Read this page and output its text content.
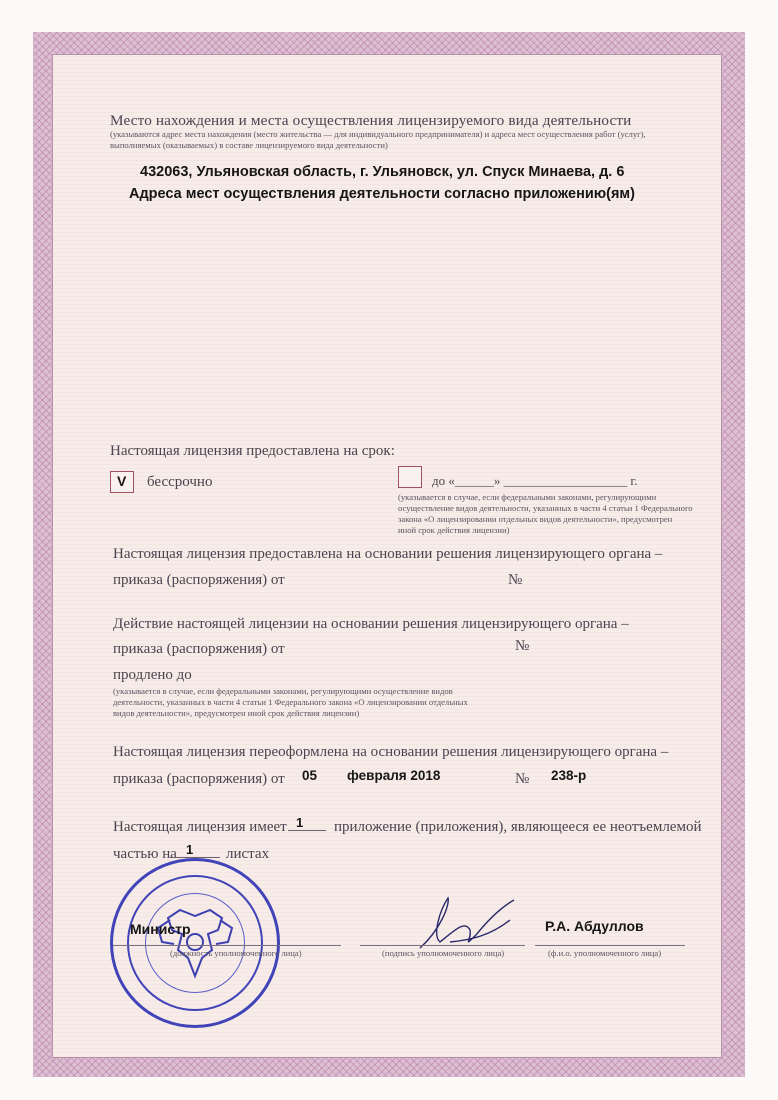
Место нахождения и места осуществления лицензируемого вида деятельности
(указываются адрес места нахождения (место жительства — для индивидуального предпринимателя) и адреса мест осуществления работ (услуг),
выполняемых (оказываемых) в составе лицензируемого вида деятельности)
432063, Ульяновская область, г. Ульяновск, ул. Спуск Минаева, д. 6
Адреса мест осуществления деятельности согласно приложению(ям)
Настоящая лицензия предоставлена на срок:
V бессрочно	до «______» ___________________ г.
(указывается в случае, если федеральными законами, регулирующими
осуществление видов деятельности, указанных в части 4 статьи 1 Федерального
закона «О лицензировании отдельных видов деятельности», предусмотрен
иной срок действия лицензии)
Настоящая лицензия предоставлена на основании решения лицензирующего органа –
приказа (распоряжения) от	№
Действие настоящей лицензии на основании решения лицензирующего органа –
приказа (распоряжения) от	№
продлено до
(указывается в случае, если федеральными законами, регулирующими осуществление видов
деятельности, указанных в части 4 статьи 1 Федерального закона «О лицензировании отдельных
видов деятельности», предусмотрен иной срок действия лицензии)
Настоящая лицензия переоформлена на основании решения лицензирующего органа –
приказа (распоряжения) от 05 февраля 2018	№ 238-р
Настоящая лицензия имеет 1	приложение (приложения), являющееся ее неотъемлемой
частью на 1	листах
Министр
(должность уполномоченного лица)	(подпись уполномоченного лица)
Р.А. Абдуллов
(ф.и.о. уполномоченного лица)
